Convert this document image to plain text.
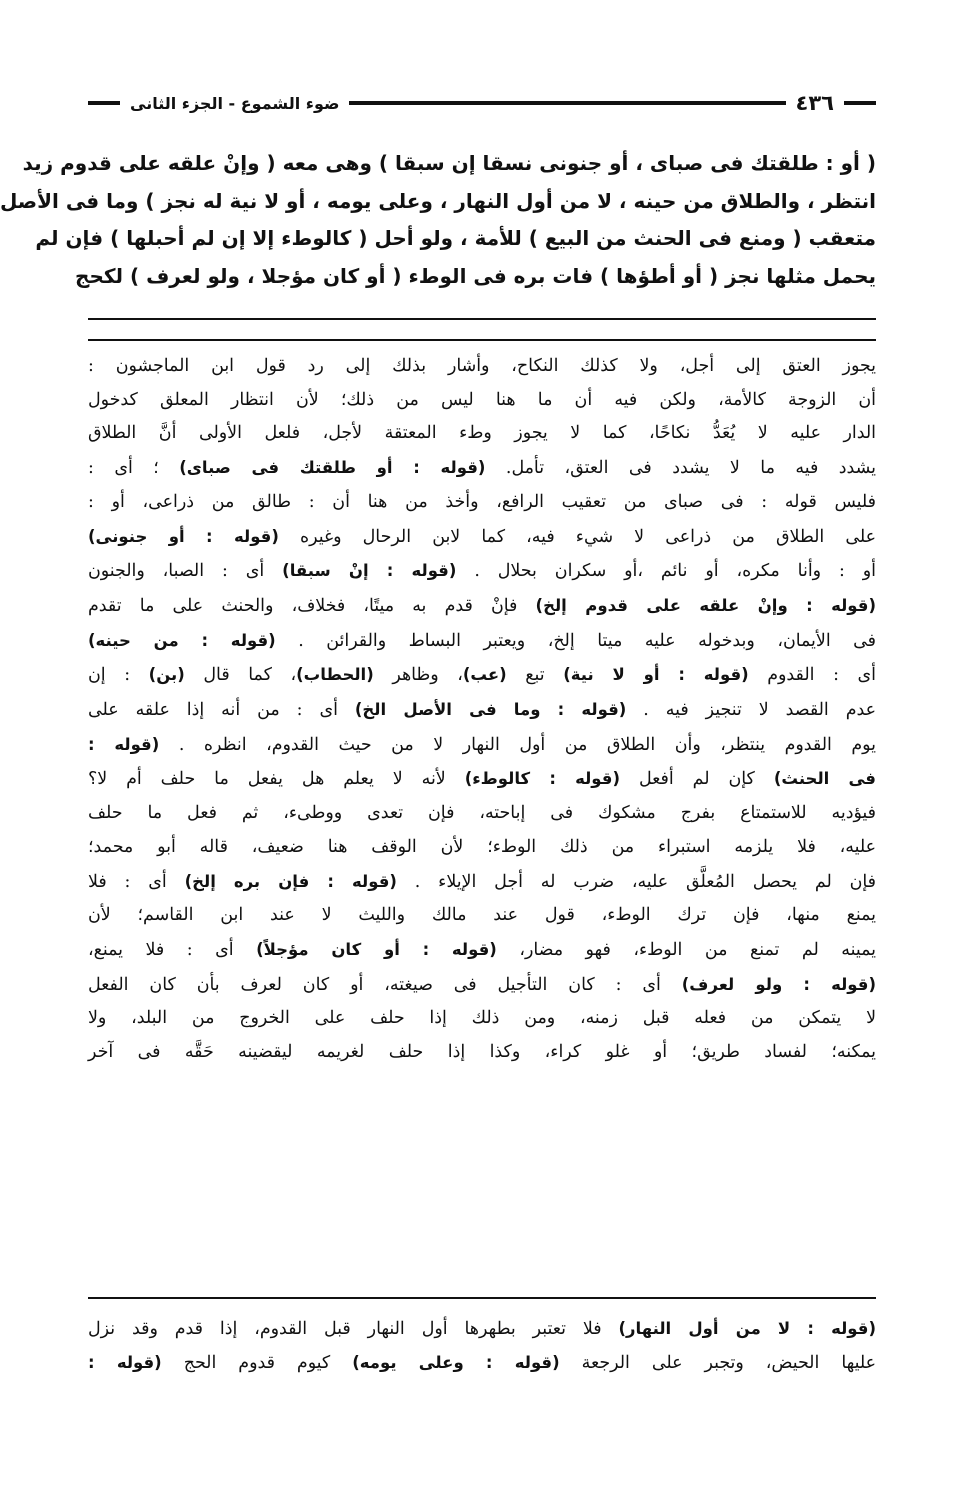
٤٣٦
ضوء الشموع - الجزء الثانى
( أو : طلقتك فى صباى ، أو جنونى نسقا إن سبقا ) وهى معه ( وإنْ علقه على قدوم زيد
انتظر ، والطلاق من حينه ، لا من أول النهار ، وعلى يومه ، أو لا نية له نجز ) وما فى الأصل
متعقب ( ومنع فى الحنث من البيع ) للأمة ، ولو أحل ( كالوطء إلا إن لم أحبلها ) فإن لم
يحمل مثلها نجز ( أو أطؤها ) فات بره فى الوطء ( أو كان مؤجلا ، ولو لعرف ) لكحج
يجوز العتق إلى أجل، ولا كذلك النكاح، وأشار بذلك إلى رد قول ابن الماجشون :
أن الزوجة كالأمة، ولكن فيه أن ما هنا ليس من ذلك؛ لأن انتظار المعلق كدخول
الدار عليه لا يُعَدُّ نكاحًا، كما لا يجوز وطء المعتقة لأجل، فلعل الأولى أنَّ الطلاق
يشدد فيه ما لا يشدد فى العتق، تأمل. (قوله : أو طلقتك فى صباى) ؛ أى :
فليس قوله : فى صباى من تعقيب الرافع، وأخذ من هنا أن : طالق من ذراعى، أو :
على الطلاق من ذراعى لا شيء فيه، كما لابن الرحال وغيره (قوله : أو جنونى)
أو : وأنا مكره، أو نائم ،أو سكران بحلال . (قوله : إنْ سبقا) أى : الصبا، والجنون
(قوله : وإنْ علقه على قدوم إلخ) فإنْ قدم به ميتًا، فخلاف، والحنث على ما تقدم
فى الأيمان، وبدخوله عليه ميتا إلخ، ويعتبر البساط والقرائن . (قوله : من حينه)
أى : القدوم (قوله : أو لا نية) تبع (عب)، وظاهر (الحطاب)، كما قال (بن) : إن
عدم القصد لا تنجيز فيه . (قوله : وما فى الأصل الخ) أى : من أنه إذا علقه على
يوم القدوم ينتظر، وأن الطلاق من أول النهار لا من حيث القدوم، انظره . (قوله :
فى الحنث) كإن لم أفعل (قوله : كالوطء) لأنه لا يعلم هل يفعل ما حلف أم لا؟
فيؤديه للاستمتاع بفرج مشكوك فى إباحته، فإن تعدى ووطىء، ثم فعل ما حلف
عليه، فلا يلزمه استبراء من ذلك الوطء؛ لأن الوقف هنا ضعيف، قاله أبو محمد؛
فإن لم يحصل المُعلَّق عليه، ضرب له أجل الإيلاء . (قوله : فإن بره إلخ) أى : فلا
يمنع منها، فإن ترك الوطء، قول عند مالك والليث لا عند ابن القاسم؛ لأن
يمينه لم تمنع من الوطء، فهو مضار، (قوله : أو كان مؤجلاً) أى : فلا يمنع،
(قوله : ولو لعرف) أى : كان التأجيل فى صيغته، أو كان لعرف بأن كان الفعل
لا يتمكن من فعله قبل زمنه، ومن ذلك إذا حلف على الخروج من البلد، ولا
يمكنه؛ لفساد طريق؛ أو غلو كراء، وكذا إذا حلف لغريمه ليقضينه حَقَّه فى آخر
(قوله : لا من أول النهار) فلا تعتبر بطهرها أول النهار قبل القدوم، إذا قدم وقد نزل
عليها الحيض، وتجبر على الرجعة (قوله : وعلى يومه) كيوم قدوم الحج (قوله :
